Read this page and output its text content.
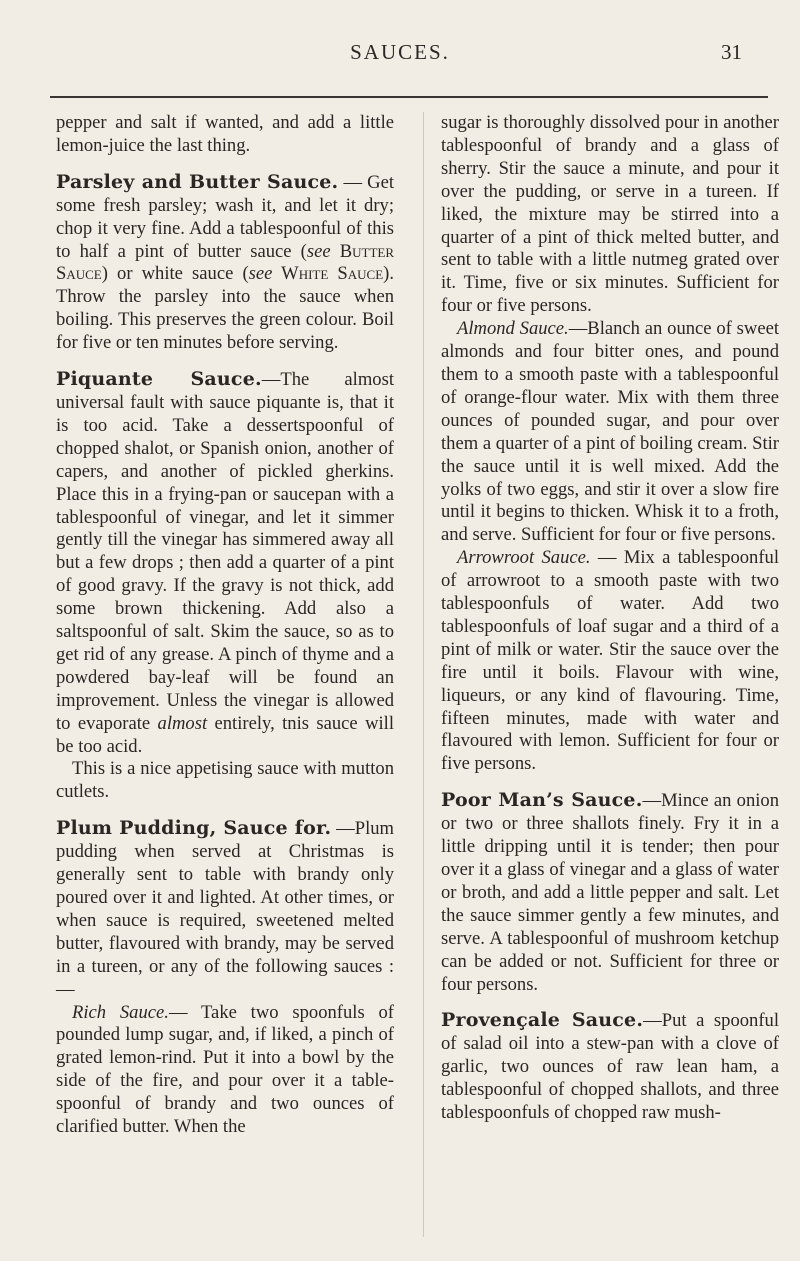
SAUCES.	31

pepper and salt if wanted, and add a little lemon-juice the last thing.

Parsley and Butter Sauce. — Get some fresh parsley; wash it, and let it dry; chop it very fine. Add a tablespoonful of this to half a pint of butter sauce (see Butter Sauce) or white sauce (see White Sauce). Throw the parsley into the sauce when boiling. This preserves the green colour. Boil for five or ten minutes before serving.

Piquante Sauce.—The almost universal fault with sauce piquante is, that it is too acid. Take a dessertspoonful of chopped shalot, or Spanish onion, another of capers, and another of pickled gherkins. Place this in a frying-pan or saucepan with a tablespoonful of vinegar, and let it simmer gently till the vinegar has simmered away all but a few drops ; then add a quarter of a pint of good gravy. If the gravy is not thick, add some brown thickening. Add also a saltspoonful of salt. Skim the sauce, so as to get rid of any grease. A pinch of thyme and a powdered bay-leaf will be found an improvement. Unless the vinegar is allowed to evaporate almost entirely, tnis sauce will be too acid.

This is a nice appetising sauce with mutton cutlets.

Plum Pudding, Sauce for. —Plum pudding when served at Christmas is generally sent to table with brandy only poured over it and lighted. At other times, or when sauce is required, sweetened melted butter, flavoured with brandy, may be served in a tureen, or any of the following sauces :—

Rich Sauce.— Take two spoonfuls of pounded lump sugar, and, if liked, a pinch of grated lemon-rind. Put it into a bowl by the side of the fire, and pour over it a table-spoonful of brandy and two ounces of clarified butter. When the

sugar is thoroughly dissolved pour in another tablespoonful of brandy and a glass of sherry. Stir the sauce a minute, and pour it over the pudding, or serve in a tureen. If liked, the mixture may be stirred into a quarter of a pint of thick melted butter, and sent to table with a little nutmeg grated over it. Time, five or six minutes. Sufficient for four or five persons.

Almond Sauce.—Blanch an ounce of sweet almonds and four bitter ones, and pound them to a smooth paste with a tablespoonful of orange-flour water. Mix with them three ounces of pounded sugar, and pour over them a quarter of a pint of boiling cream. Stir the sauce until it is well mixed. Add the yolks of two eggs, and stir it over a slow fire until it begins to thicken. Whisk it to a froth, and serve. Sufficient for four or five persons.

Arrowroot Sauce. — Mix a tablespoonful of arrowroot to a smooth paste with two tablespoonfuls of water. Add two tablespoonfuls of loaf sugar and a third of a pint of milk or water. Stir the sauce over the fire until it boils. Flavour with wine, liqueurs, or any kind of flavouring. Time, fifteen minutes, made with water and flavoured with lemon. Sufficient for four or five persons.

Poor Man’s Sauce.—Mince an onion or two or three shallots finely. Fry it in a little dripping until it is tender; then pour over it a glass of vinegar and a glass of water or broth, and add a little pepper and salt. Let the sauce simmer gently a few minutes, and serve. A tablespoonful of mushroom ketchup can be added or not. Sufficient for three or four persons.

Provençale Sauce.—Put a spoonful of salad oil into a stew-pan with a clove of garlic, two ounces of raw lean ham, a tablespoonful of chopped shallots, and three tablespoonfuls of chopped raw mush-
